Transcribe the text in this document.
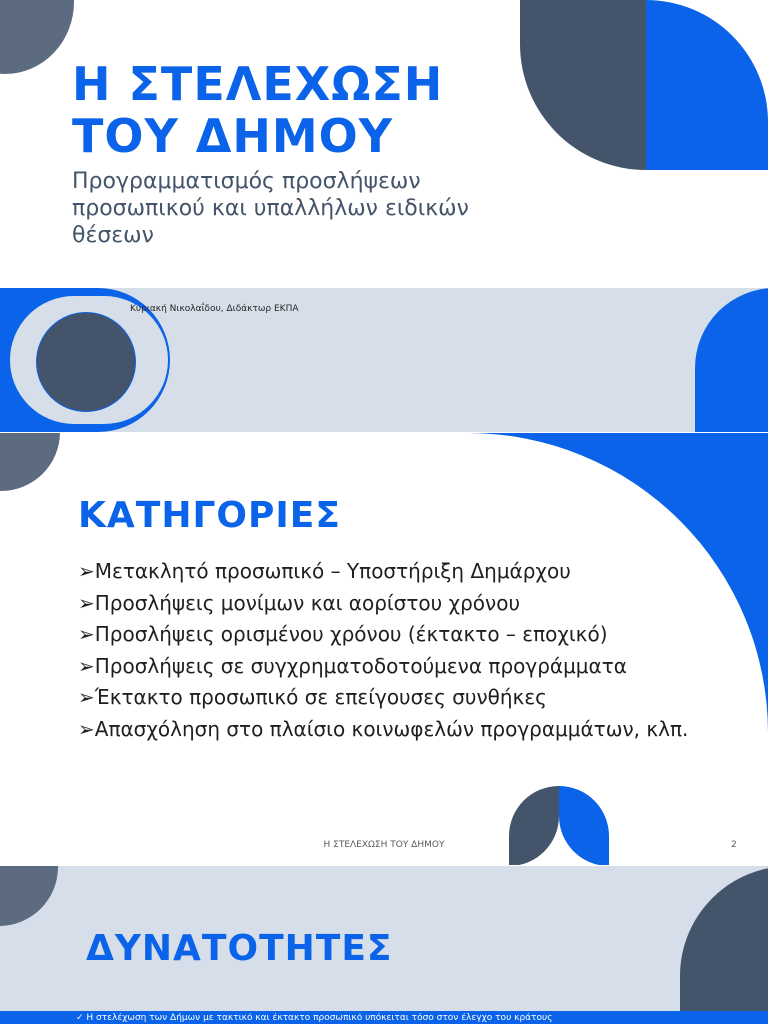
Η ΣΤΕΛΕΧΩΣΗ ΤΟΥ ΔΗΜΟΥ
Προγραμματισμός προσλήψεων προσωπικού και υπαλλήλων ειδικών θέσεων
Κυριακή Νικολαΐδου, Διδάκτωρ ΕΚΠΑ
ΚΑΤΗΓΟΡΙΕΣ
➢Μετακλητό προσωπικό – Υποστήριξη Δημάρχου
➢Προσλήψεις μονίμων και αορίστου χρόνου
➢Προσλήψεις ορισμένου χρόνου (έκτακτο – εποχικό)
➢Προσλήψεις σε συγχρηματοδοτούμενα προγράμματα
➢Έκτακτο προσωπικό σε επείγουσες συνθήκες
➢Απασχόληση στο πλαίσιο κοινωφελών προγραμμάτων, κλπ.
Η ΣΤΕΛΕΧΩΣΗ ΤΟΥ ΔΗΜΟΥ	2
ΔΥΝΑΤΟΤΗΤΕΣ
✓ Η στελέχωση των Δήμων με τακτικό και έκτακτο προσωπικό υπόκειται τόσο στον έλεγχο του κράτους
